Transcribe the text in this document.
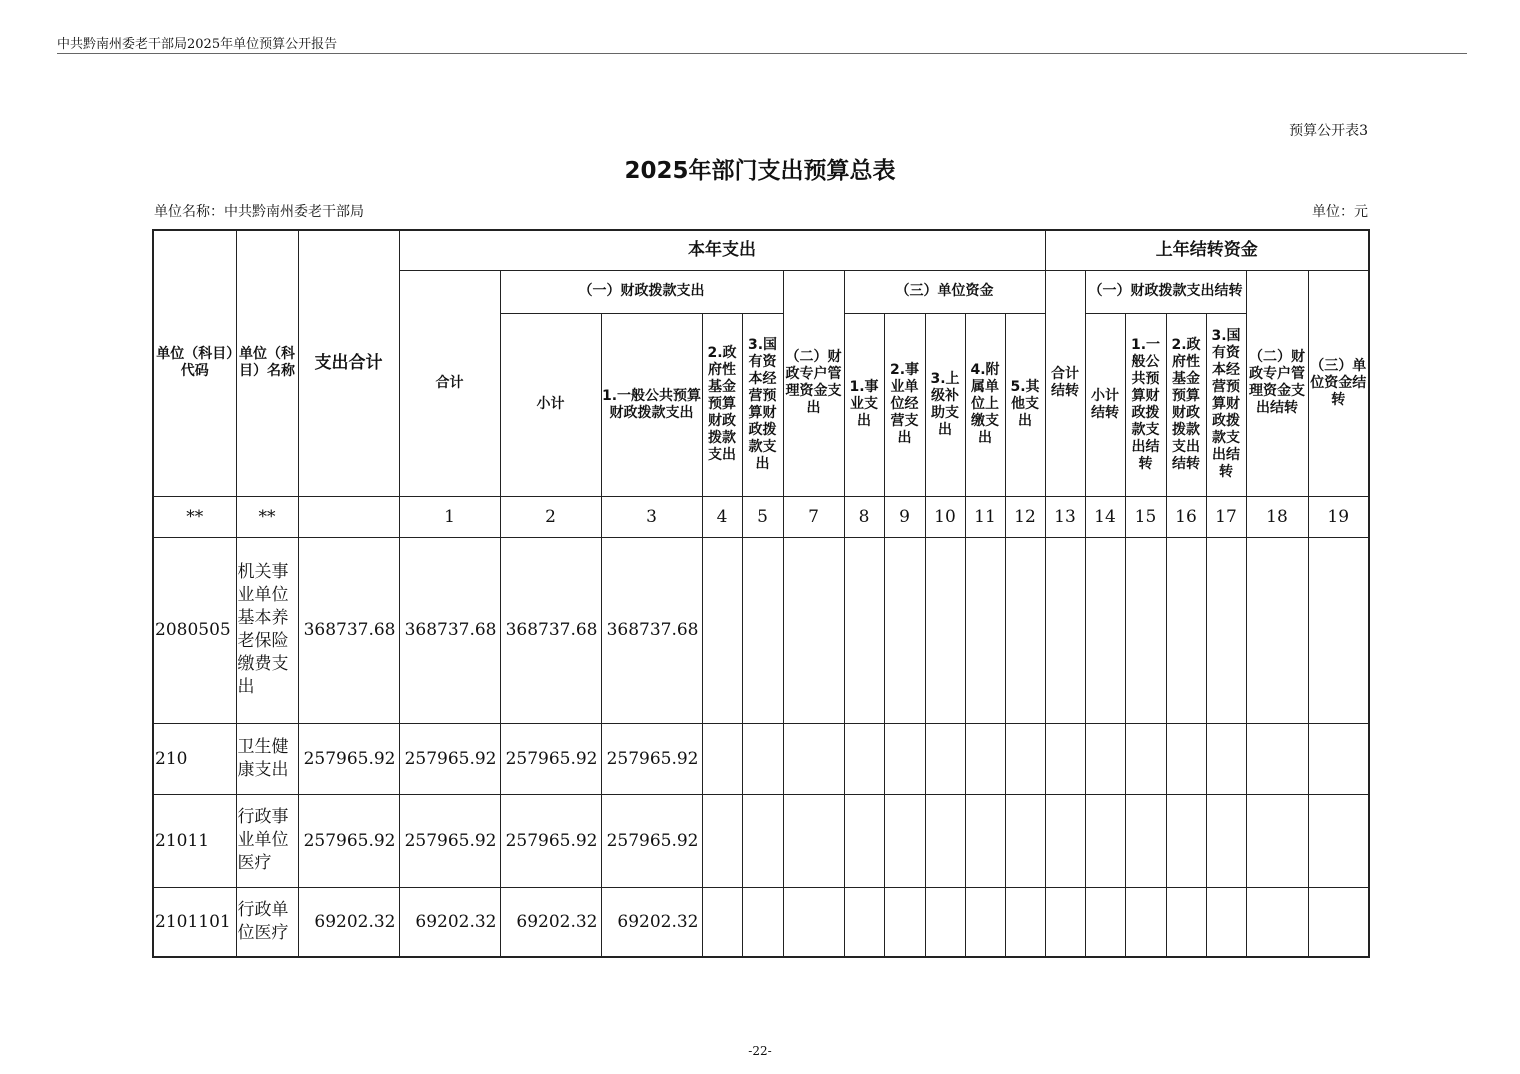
中共黔南州委老干部局2025年单位预算公开报告
预算公开表3
2025年部门支出预算总表
单位名称：中共黔南州委老干部局	单位：元
单位（科目）代码	单位（科目）名称	支出合计	本年支出											上年结转资金						
			合计	（一）财政拨款支出				（二）财政专户管理资金支出	（三）单位资金					合计结转	（一）财政拨款支出结转				（二）财政专户管理资金支出结转	（三）单位资金结转
				小计	1.一般公共预算财政拨款支出	2.政府性基金预算财政拨款支出	3.国有资本经营预算财政拨款支出		1.事业支出	2.事业单位经营支出	3.上级补助支出	4.附属单位上缴支出	5.其他支出		小计结转	1.一般公共预算财政拨款支出结转	2.政府性基金预算财政拨款支出结转	3.国有资本经营预算财政拨款支出结转		
**	**		1	2	3	4	5	7	8	9	10	11	12	13	14	15	16	17	18	19
2080505	机关事业单位基本养老保险缴费支出	368737.68	368737.68	368737.68	368737.68															
210	卫生健康支出	257965.92	257965.92	257965.92	257965.92															
21011	行政事业单位医疗	257965.92	257965.92	257965.92	257965.92															
2101101	行政单位医疗	69202.32	69202.32	69202.32	69202.32															
-22-
